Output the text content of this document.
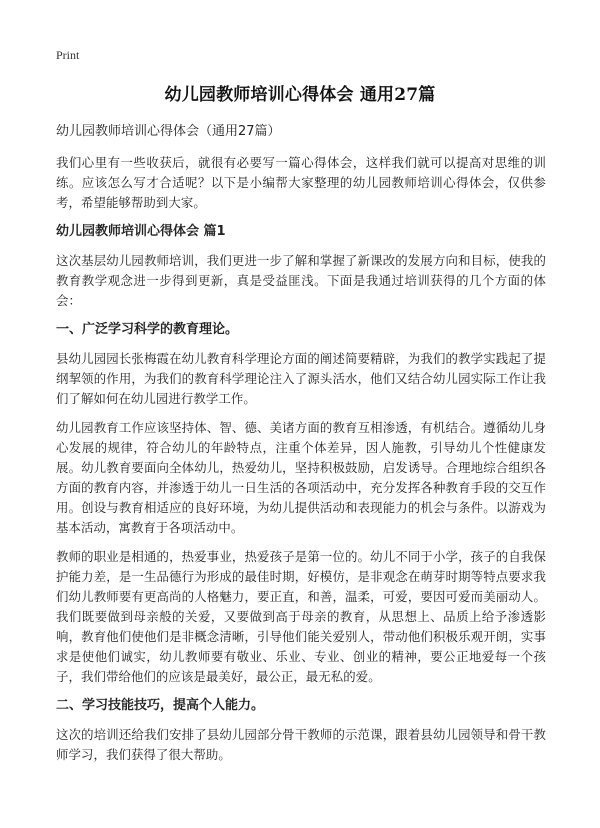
Print
幼儿园教师培训心得体会 通用27篇

幼儿园教师培训心得体会（通用27篇）

我们心里有一些收获后，就很有必要写一篇心得体会，这样我们就可以提高对思维的训练。应该怎么写才合适呢？以下是小编帮大家整理的幼儿园教师培训心得体会，仅供参考，希望能够帮助到大家。

幼儿园教师培训心得体会 篇1

这次基层幼儿园教师培训，我们更进一步了解和掌握了新课改的发展方向和目标，使我的教育教学观念进一步得到更新，真是受益匪浅。下面是我通过培训获得的几个方面的体会：

一、广泛学习科学的教育理论。

县幼儿园园长张梅霞在幼儿教育科学理论方面的阐述简要精辟，为我们的教学实践起了提纲挈领的作用，为我们的教育科学理论注入了源头活水，他们又结合幼儿园实际工作让我们了解如何在幼儿园进行教学工作。

幼儿园教育工作应该坚持体、智、德、美诸方面的教育互相渗透，有机结合。遵循幼儿身心发展的规律，符合幼儿的年龄特点，注重个体差异，因人施教，引导幼儿个性健康发展。幼儿教育要面向全体幼儿，热爱幼儿，坚持积极鼓励，启发诱导。合理地综合组织各方面的教育内容，并渗透于幼儿一日生活的各项活动中，充分发挥各种教育手段的交互作用。创设与教育相适应的良好环境，为幼儿提供活动和表现能力的机会与条件。以游戏为基本活动，寓教育于各项活动中。

教师的职业是相通的，热爱事业，热爱孩子是第一位的。幼儿不同于小学，孩子的自我保护能力差，是一生品德行为形成的最佳时期，好模仿，是非观念在萌芽时期等特点要求我们幼儿教师要有更高尚的人格魅力，要正直，和善，温柔，可爱，要因可爱而美丽动人。我们既要做到母亲般的关爱，又要做到高于母亲的教育，从思想上、品质上给予渗透影响，教育他们使他们是非概念清晰，引导他们能关爱别人，带动他们积极乐观开朗，实事求是使他们诚实，幼儿教师要有敬业、乐业、专业、创业的精神，要公正地爱每一个孩子，我们带给他们的应该是最美好，最公正，最无私的爱。

二、学习技能技巧，提高个人能力。

这次的培训还给我们安排了县幼儿园部分骨干教师的示范课，跟着县幼儿园领导和骨干教师学习，我们获得了很大帮助。
